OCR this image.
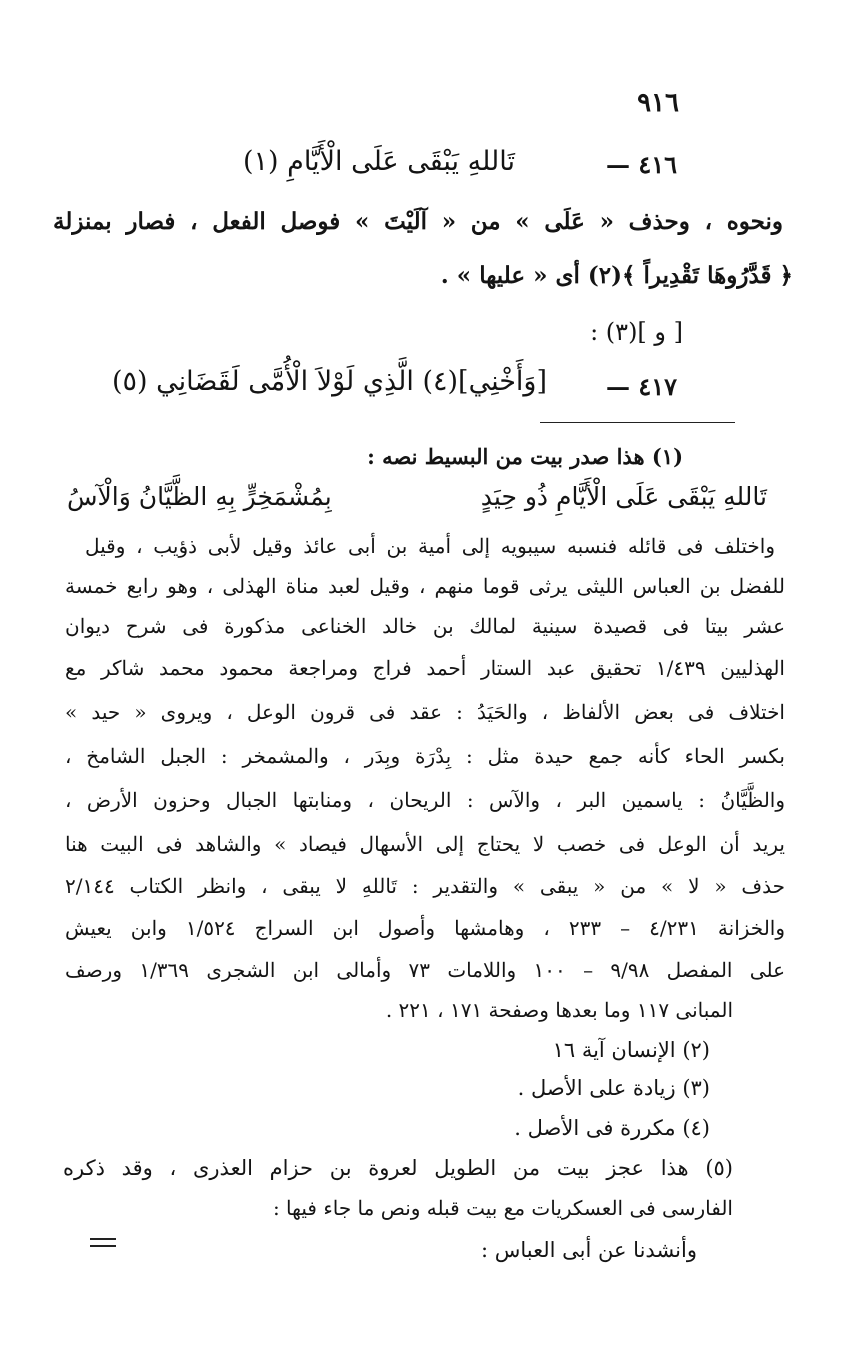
٩١٦
٤١٦ —
تَاللهِ يَبْقَى عَلَى الْأَيَّامِ (١)
ونحوه ، وحذف « عَلَى » من « آلَيْتَ » فوصل الفعل ، فصار بمنزلة
﴿ قَدَّرُوهَا تَقْدِيراً ﴾(٢) أى « عليها » .
[ و ](٣) :
٤١٧ —
[وَأَخْنِي](٤) الَّذِي لَوْلاَ الْأُمَّى لَقَضَانِي (٥)
(١) هذا صدر بيت من البسيط نصه :
تَاللهِ يَبْقَى عَلَى الْأَيَّامِ ذُو حِيَدٍ
بِمُشْمَخِرٍّ بِهِ الظَّيَّانُ وَالْآسُ
واختلف فى قائله فنسبه سيبويه إلى أمية بن أبى عائذ وقيل لأبى ذؤيب ، وقيل
للفضل بن العباس الليثى يرثى قوما منهم ، وقيل لعبد مناة الهذلى ، وهو رابع خمسة
عشر بيتا فى قصيدة سينية لمالك بن خالد الخناعى مذكورة فى شرح ديوان
الهذليين ١/٤٣٩ تحقيق عبد الستار أحمد فراج ومراجعة محمود محمد شاكر مع
اختلاف فى بعض الألفاظ ، والحَيَدُ : عقد فى قرون الوعل ، ويروى « حيد »
بكسر الحاء كأنه جمع حيدة مثل : بِدْرَة وبِدَر ، والمشمخر : الجبل الشامخ ،
والظَّيَّانُ : ياسمين البر ، والآس : الريحان ، ومنابتها الجبال وحزون الأرض ،
يريد أن الوعل فى خصب لا يحتاج إلى الأسهال فيصاد » والشاهد فى البيت هنا
حذف « لا » من « يبقى » والتقدير : تَاللهِ لا يبقى ، وانظر الكتاب ٢/١٤٤
والخزانة ٤/٢٣١ – ٢٣٣ ، وهامشها وأصول ابن السراج ١/٥٢٤ وابن يعيش
على المفصل ٩/٩٨ – ١٠٠ واللامات ٧٣ وأمالى ابن الشجرى ١/٣٦٩ ورصف
المبانى ١١٧ وما بعدها وصفحة ١٧١ ، ٢٢١ .
(٢) الإنسان آية ١٦
(٣) زيادة على الأصل .
(٤) مكررة فى الأصل .
(٥) هذا عجز بيت من الطويل لعروة بن حزام العذرى ، وقد ذكره
الفارسى فى العسكريات مع بيت قبله ونص ما جاء فيها :
وأنشدنا عن أبى العباس :
